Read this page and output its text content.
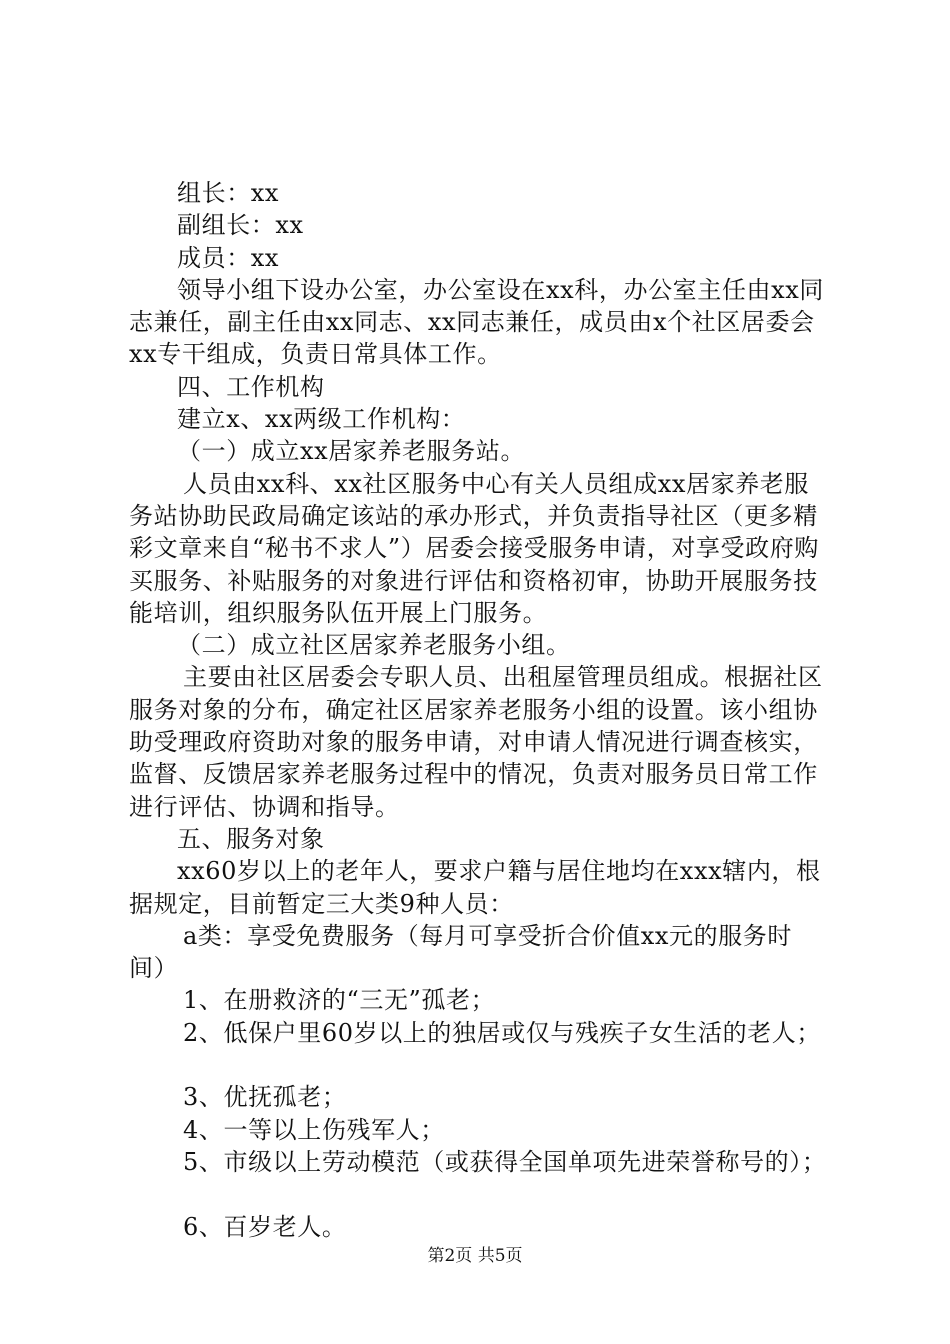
组长：xx

副组长：xx

成员：xx

领导小组下设办公室，办公室设在xx科，办公室主任由xx同志兼任，副主任由xx同志、xx同志兼任，成员由x个社区居委会xx专干组成，负责日常具体工作。

四、工作机构

建立x、xx两级工作机构：

（一）成立xx居家养老服务站。

人员由xx科、xx社区服务中心有关人员组成xx居家养老服务站协助民政局确定该站的承办形式，并负责指导社区（更多精彩文章来自“秘书不求人”）居委会接受服务申请，对享受政府购买服务、补贴服务的对象进行评估和资格初审，协助开展服务技能培训，组织服务队伍开展上门服务。

（二）成立社区居家养老服务小组。

主要由社区居委会专职人员、出租屋管理员组成。根据社区服务对象的分布，确定社区居家养老服务小组的设置。该小组协助受理政府资助对象的服务申请，对申请人情况进行调查核实，监督、反馈居家养老服务过程中的情况，负责对服务员日常工作进行评估、协调和指导。

五、服务对象

xx60岁以上的老年人，要求户籍与居住地均在xxx辖内，根据规定，目前暂定三大类9种人员：

a类：享受免费服务（每月可享受折合价值xx元的服务时间）

1、在册救济的“三无”孤老；

2、低保户里60岁以上的独居或仅与残疾子女生活的老人；

3、优抚孤老；

4、一等以上伤残军人；

5、市级以上劳动模范（或获得全国单项先进荣誉称号的）；

6、百岁老人。

第2页 共5页
